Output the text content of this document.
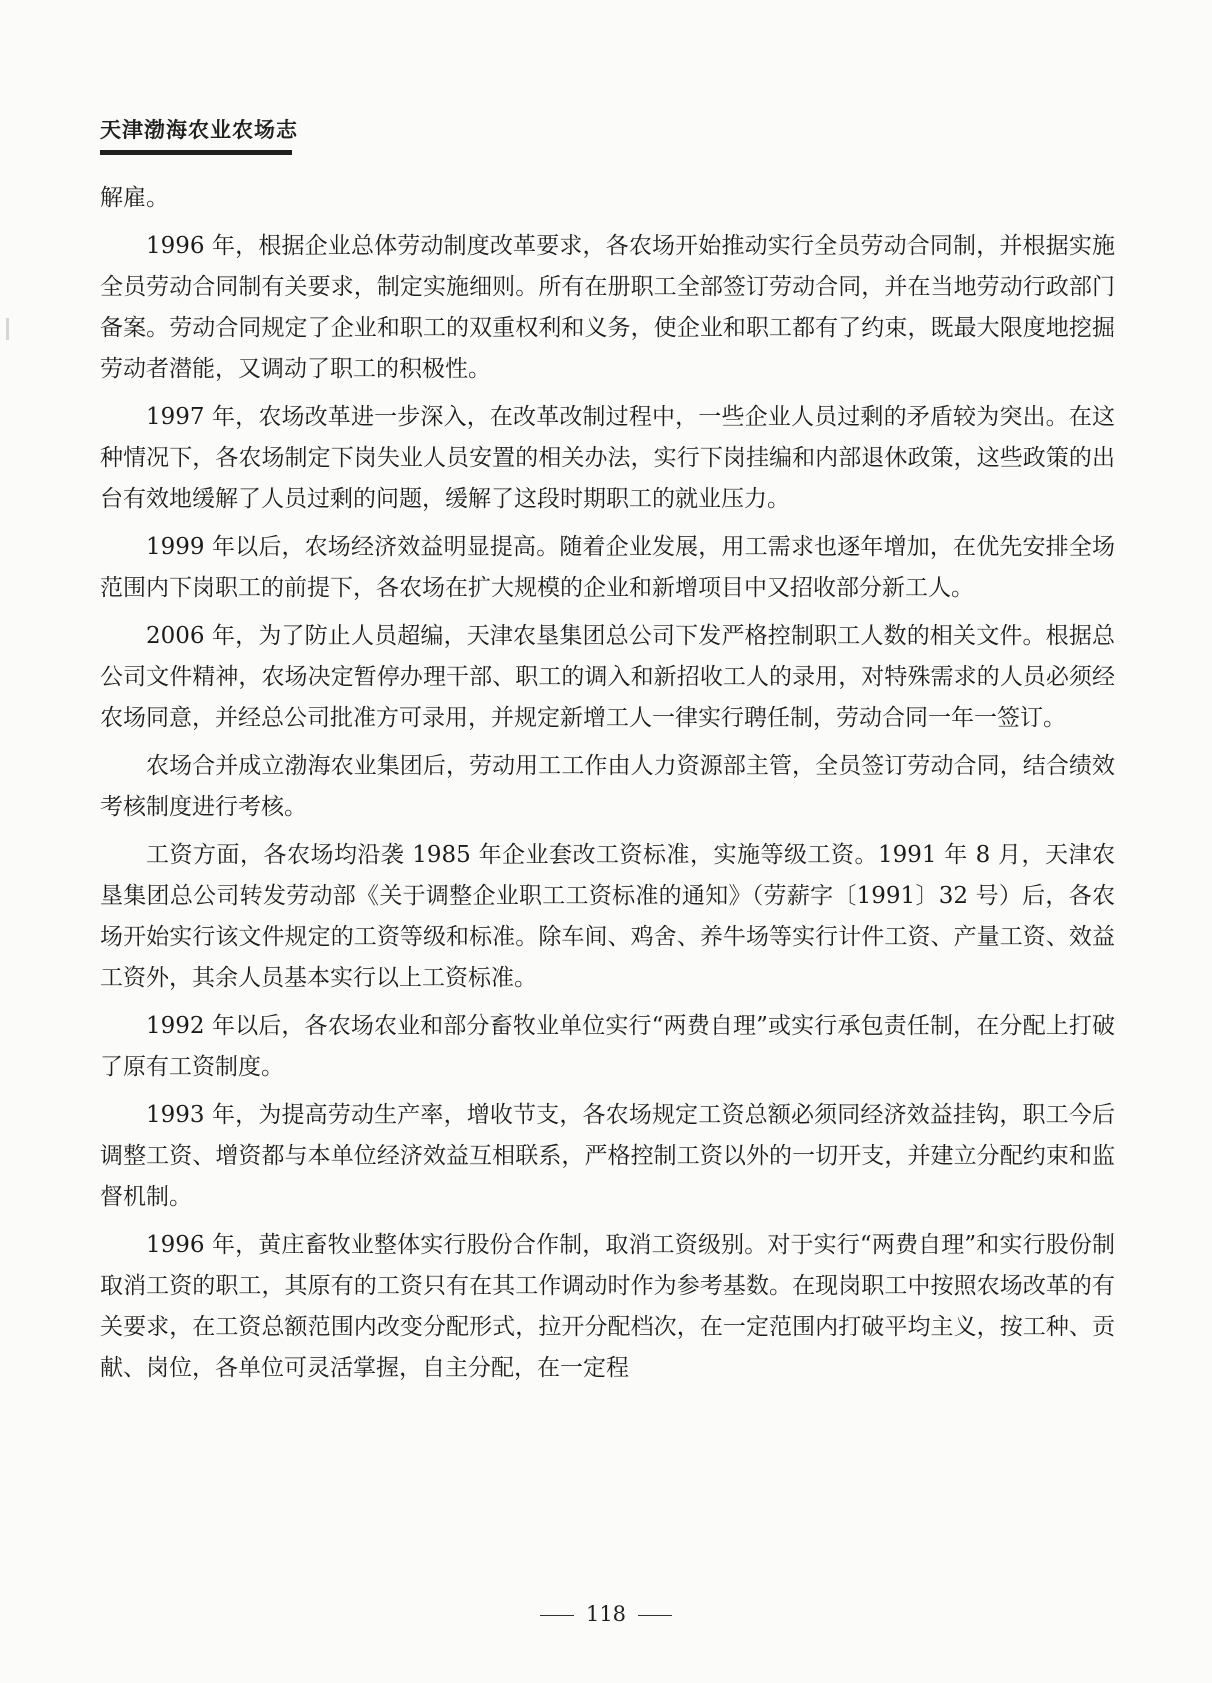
天津渤海农业农场志

解雇。

1996 年，根据企业总体劳动制度改革要求，各农场开始推动实行全员劳动合同制，并根据实施全员劳动合同制有关要求，制定实施细则。所有在册职工全部签订劳动合同，并在当地劳动行政部门备案。劳动合同规定了企业和职工的双重权利和义务，使企业和职工都有了约束，既最大限度地挖掘劳动者潜能，又调动了职工的积极性。

1997 年，农场改革进一步深入，在改革改制过程中，一些企业人员过剩的矛盾较为突出。在这种情况下，各农场制定下岗失业人员安置的相关办法，实行下岗挂编和内部退休政策，这些政策的出台有效地缓解了人员过剩的问题，缓解了这段时期职工的就业压力。

1999 年以后，农场经济效益明显提高。随着企业发展，用工需求也逐年增加，在优先安排全场范围内下岗职工的前提下，各农场在扩大规模的企业和新增项目中又招收部分新工人。

2006 年，为了防止人员超编，天津农垦集团总公司下发严格控制职工人数的相关文件。根据总公司文件精神，农场决定暂停办理干部、职工的调入和新招收工人的录用，对特殊需求的人员必须经农场同意，并经总公司批准方可录用，并规定新增工人一律实行聘任制，劳动合同一年一签订。

农场合并成立渤海农业集团后，劳动用工工作由人力资源部主管，全员签订劳动合同，结合绩效考核制度进行考核。

工资方面，各农场均沿袭 1985 年企业套改工资标准，实施等级工资。1991 年 8 月，天津农垦集团总公司转发劳动部《关于调整企业职工工资标准的通知》（劳薪字〔1991〕32 号）后，各农场开始实行该文件规定的工资等级和标准。除车间、鸡舍、养牛场等实行计件工资、产量工资、效益工资外，其余人员基本实行以上工资标准。

1992 年以后，各农场农业和部分畜牧业单位实行“两费自理”或实行承包责任制，在分配上打破了原有工资制度。

1993 年，为提高劳动生产率，增收节支，各农场规定工资总额必须同经济效益挂钩，职工今后调整工资、增资都与本单位经济效益互相联系，严格控制工资以外的一切开支，并建立分配约束和监督机制。

1996 年，黄庄畜牧业整体实行股份合作制，取消工资级别。对于实行“两费自理”和实行股份制取消工资的职工，其原有的工资只有在其工作调动时作为参考基数。在现岗职工中按照农场改革的有关要求，在工资总额范围内改变分配形式，拉开分配档次，在一定范围内打破平均主义，按工种、贡献、岗位，各单位可灵活掌握，自主分配，在一定程

118
